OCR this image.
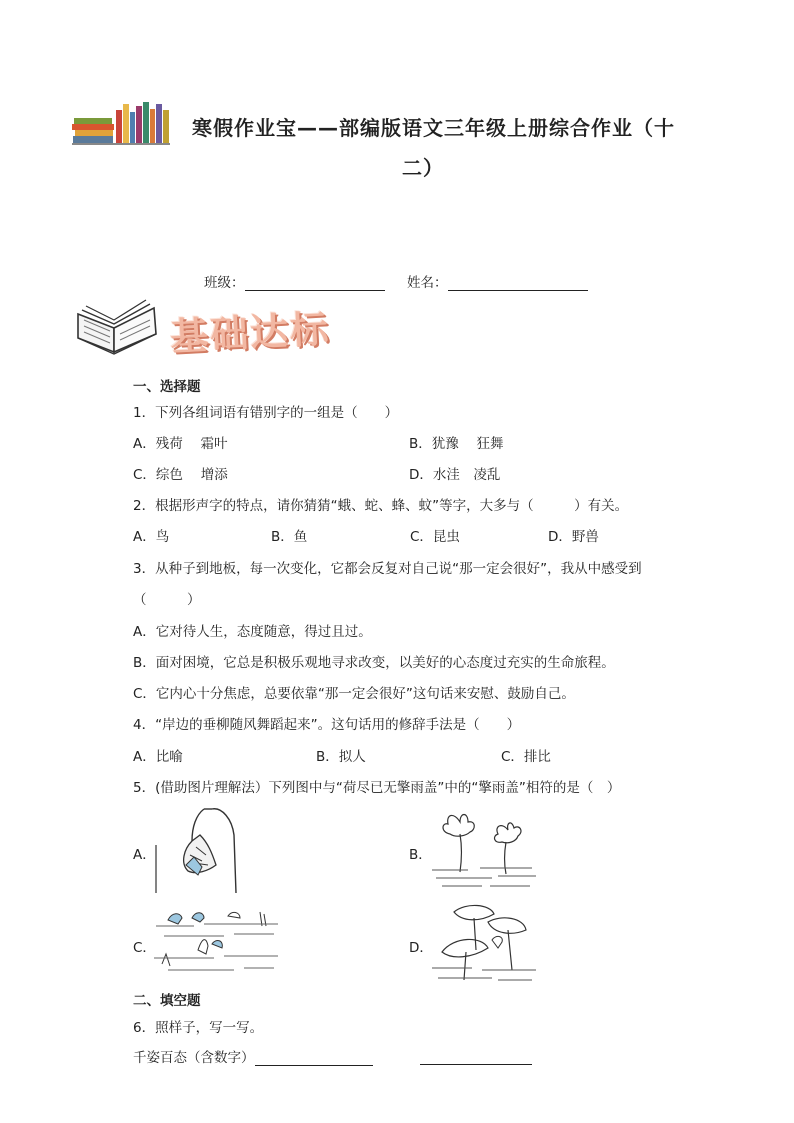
寒假作业宝——部编版语文三年级上册综合作业（十
二）
班级：	姓名：
基础达标
一、选择题
1．下列各组词语有错别字的一组是（　　）
A．残荷　 霜叶	B．犹豫　 狂舞
C．综色　 增添	D．水洼　凌乱
2．根据形声字的特点，请你猜猜“蛾、蛇、蜂、蚊”等字，大多与（　　　）有关。
A．鸟	B．鱼	C．昆虫	D．野兽
3．从种子到地板，每一次变化，它都会反复对自己说“那一定会很好”，我从中感受到
（　　　）
A．它对待人生，态度随意，得过且过。
B．面对困境，它总是积极乐观地寻求改变，以美好的心态度过充实的生命旅程。
C．它内心十分焦虑，总要依靠“那一定会很好”这句话来安慰、鼓励自己。
4．“岸边的垂柳随风舞蹈起来”。这句话用的修辞手法是（　　）
A．比喻	B．拟人	C．排比
5．(借助图片理解法）下列图中与“荷尽已无擎雨盖”中的“擎雨盖”相符的是（　）
A．	B．
C．	D．
二、填空题
6．照样子，写一写。
千姿百态（含数字）
